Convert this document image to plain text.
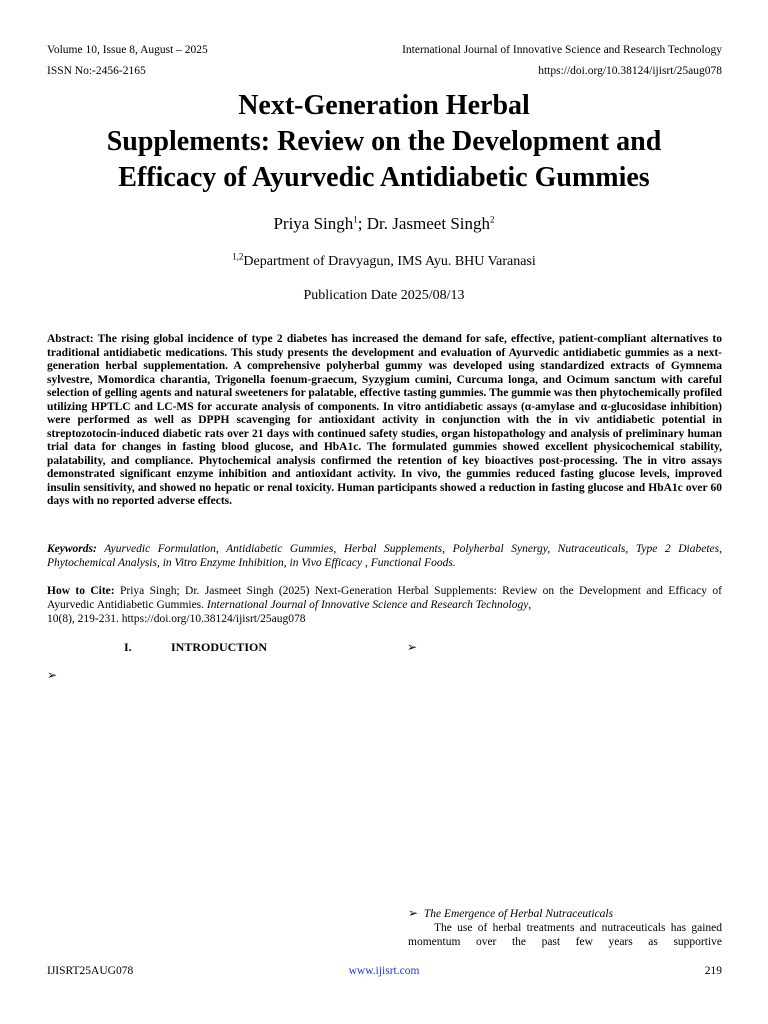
Volume 10, Issue 8, August – 2025	International Journal of Innovative Science and Research Technology
ISSN No:-2456-2165	https://doi.org/10.38124/ijisrt/25aug078
Next-Generation Herbal
Supplements: Review on the Development and
Efficacy of Ayurvedic Antidiabetic Gummies
Priya Singh$^1$; Dr. Jasmeet Singh$^2$
$^{1,2}$Department of Dravyagun, IMS Ayu. BHU Varanasi
Publication Date 2025/08/13
Abstract: The rising global incidence of type 2 diabetes has increased the demand for safe, effective, patient-compliant alternatives to traditional antidiabetic medications. This study presents the development and evaluation of Ayurvedic antidiabetic gummies as a next-generation herbal supplementation. A comprehensive polyherbal gummy was developed using standardized extracts of Gymnema sylvestre, Momordica charantia, Trigonella foenum-graecum, Syzygium cumini, Curcuma longa, and Ocimum sanctum with careful selection of gelling agents and natural sweeteners for palatable, effective tasting gummies. The gummie was then phytochemically profiled utilizing HPTLC and LC-MS for accurate analysis of components. In vitro antidiabetic assays (α-amylase and α-glucosidase inhibition) were performed as well as DPPH scavenging for antioxidant activity in conjunction with the in viv antidiabetic potential in streptozotocin-induced diabetic rats over 21 days with continued safety studies, organ histopathology and analysis of preliminary human trial data for changes in fasting blood glucose, and HbA1c. The formulated gummies showed excellent physicochemical stability, palatability, and compliance. Phytochemical analysis confirmed the retention of key bioactives post-processing. The in vitro assays demonstrated significant enzyme inhibition and antioxidant activity. In vivo, the gummies reduced fasting glucose levels, improved insulin sensitivity, and showed no hepatic or renal toxicity. Human participants showed a reduction in fasting glucose and HbA1c over 60 days with no reported adverse effects.
Keywords: Ayurvedic Formulation, Antidiabetic Gummies, Herbal Supplements, Polyherbal Synergy, Nutraceuticals, Type 2 Diabetes, Phytochemical Analysis, in Vitro Enzyme Inhibition, in Vivo Efficacy , Functional Foods.
How to Cite: Priya Singh; Dr. Jasmeet Singh (2025) Next-Generation Herbal Supplements: Review on the Development and Efficacy of Ayurvedic Antidiabetic Gummies. International Journal of Innovative Science and Research Technology,
10(8), 219-231. https://doi.org/10.38124/ijisrt/25aug078
I.	INTRODUCTION	➢
➢
➢ The Emergence of Herbal Nutraceuticals
The use of herbal treatments and nutraceuticals has gained momentum over the past few years as supportive
IJISRT25AUG078	www.ijisrt.com	219
